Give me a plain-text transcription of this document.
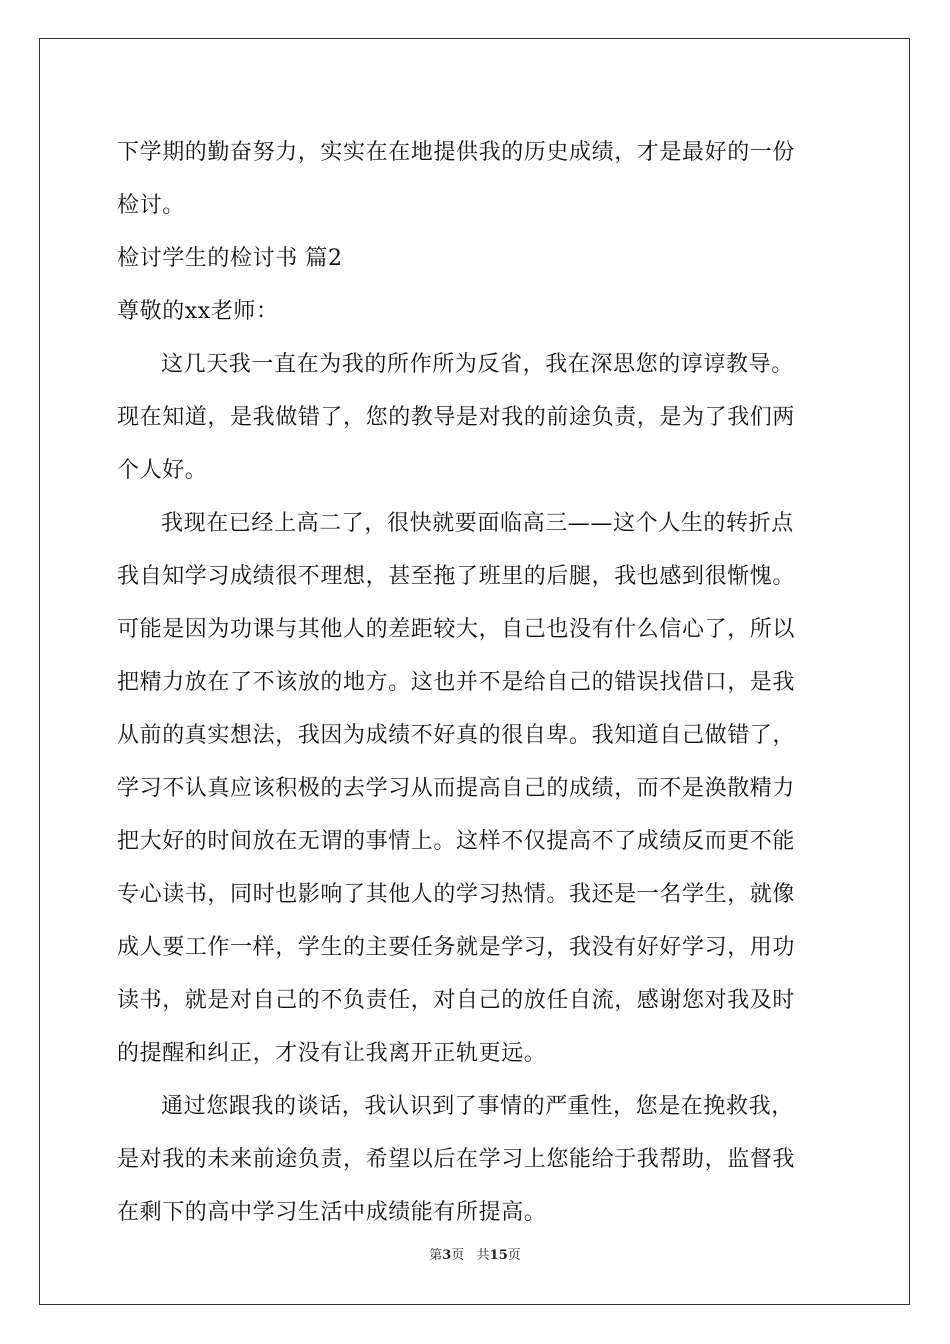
下学期的勤奋努力，实实在在地提供我的历史成绩，才是最好的一份
检讨。
检讨学生的检讨书 篇2
尊敬的xx老师：
这几天我一直在为我的所作所为反省，我在深思您的谆谆教导。
现在知道，是我做错了，您的教导是对我的前途负责，是为了我们两
个人好。
我现在已经上高二了，很快就要面临高三——这个人生的转折点
我自知学习成绩很不理想，甚至拖了班里的后腿，我也感到很惭愧。
可能是因为功课与其他人的差距较大，自己也没有什么信心了，所以
把精力放在了不该放的地方。这也并不是给自己的错误找借口，是我
从前的真实想法，我因为成绩不好真的很自卑。我知道自己做错了，
学习不认真应该积极的去学习从而提高自己的成绩，而不是涣散精力
把大好的时间放在无谓的事情上。这样不仅提高不了成绩反而更不能
专心读书，同时也影响了其他人的学习热情。我还是一名学生，就像
成人要工作一样，学生的主要任务就是学习，我没有好好学习，用功
读书，就是对自己的不负责任，对自己的放任自流，感谢您对我及时
的提醒和纠正，才没有让我离开正轨更远。
通过您跟我的谈话，我认识到了事情的严重性，您是在挽救我，
是对我的未来前途负责，希望以后在学习上您能给于我帮助，监督我
在剩下的高中学习生活中成绩能有所提高。
第3页   共15页
